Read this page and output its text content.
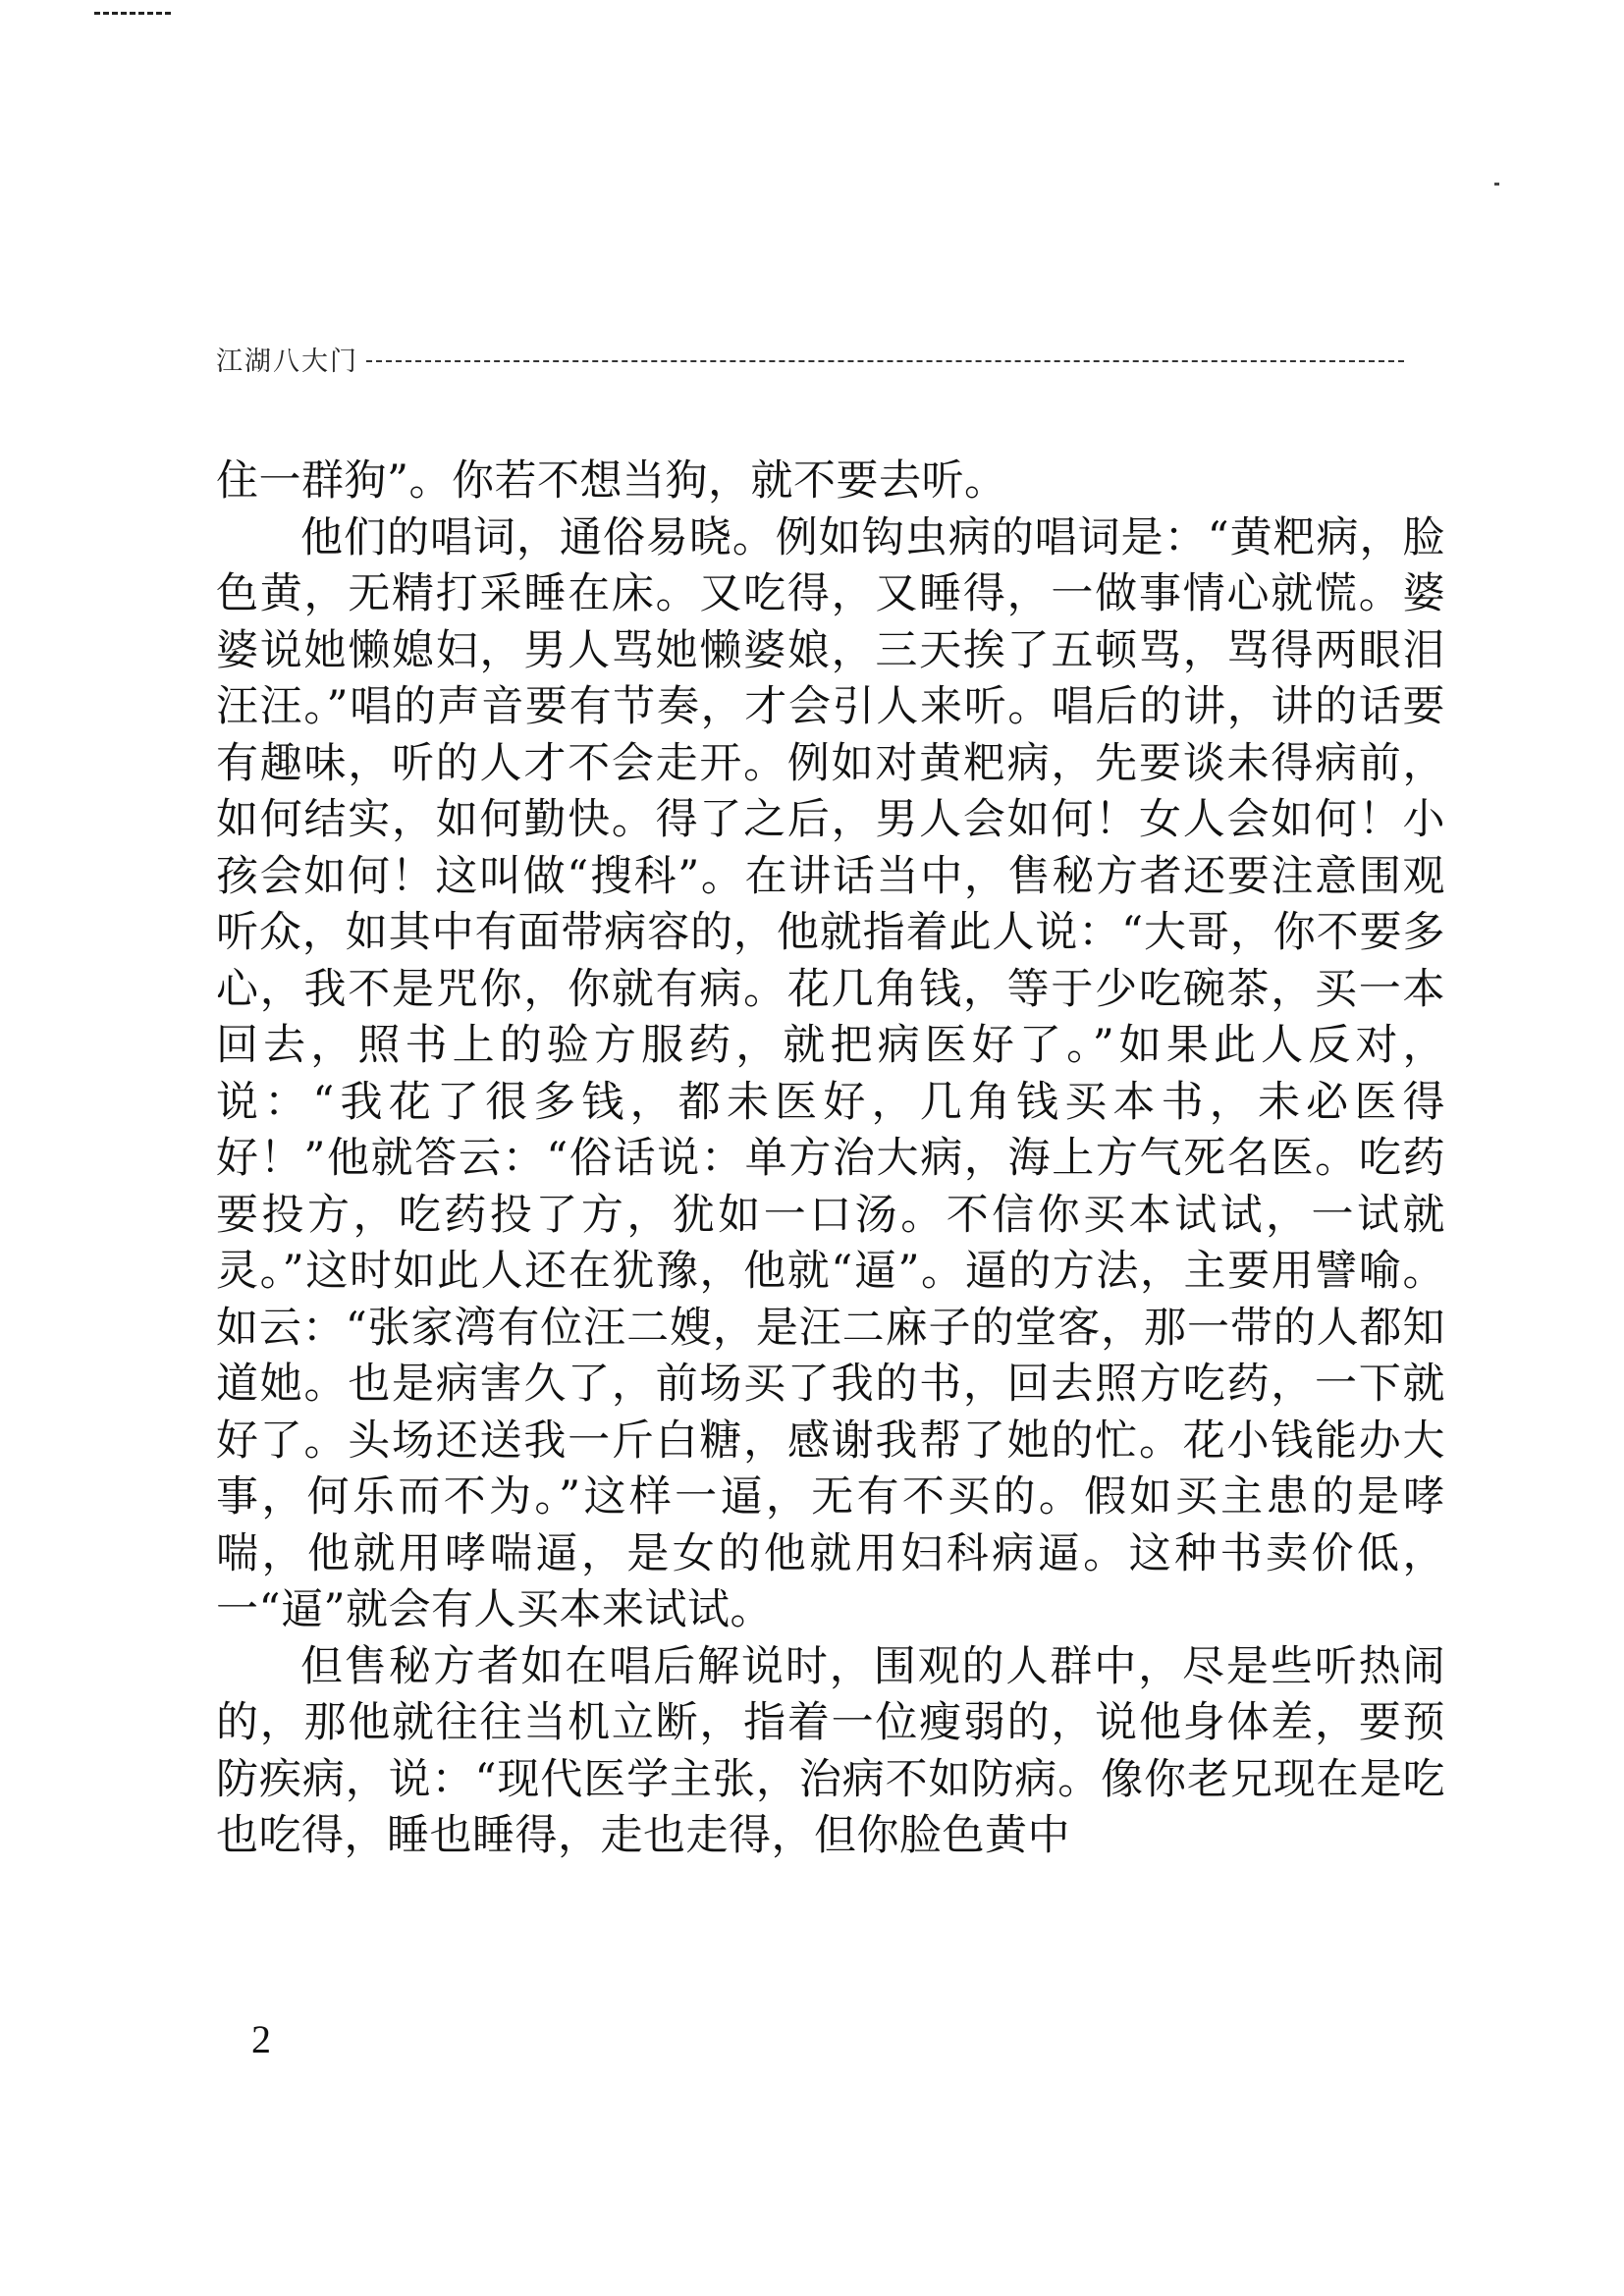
江湖八大门

住一群狗”。你若不想当狗，就不要去听。

他们的唱词，通俗易晓。例如钩虫病的唱词是：“黄粑病，脸色黄，无精打采睡在床。又吃得，又睡得，一做事情心就慌。婆婆说她懒媳妇，男人骂她懒婆娘，三天挨了五顿骂，骂得两眼泪汪汪。”唱的声音要有节奏，才会引人来听。唱后的讲，讲的话要有趣味，听的人才不会走开。例如对黄粑病，先要谈未得病前，如何结实，如何勤快。得了之后，男人会如何！女人会如何！小孩会如何！这叫做“搜科”。在讲话当中，售秘方者还要注意围观听众，如其中有面带病容的，他就指着此人说：“大哥，你不要多心，我不是咒你，你就有病。花几角钱，等于少吃碗茶，买一本回去，照书上的验方服药，就把病医好了。”如果此人反对，说：“我花了很多钱，都未医好，几角钱买本书，未必医得好！”他就答云：“俗话说：单方治大病，海上方气死名医。吃药要投方，吃药投了方，犹如一口汤。不信你买本试试，一试就灵。”这时如此人还在犹豫，他就“逼”。逼的方法，主要用譬喻。如云：“张家湾有位汪二嫂，是汪二麻子的堂客，那一带的人都知道她。也是病害久了，前场买了我的书，回去照方吃药，一下就好了。头场还送我一斤白糖，感谢我帮了她的忙。花小钱能办大事，何乐而不为。”这样一逼，无有不买的。假如买主患的是哮喘，他就用哮喘逼，是女的他就用妇科病逼。这种书卖价低，一“逼”就会有人买本来试试。

但售秘方者如在唱后解说时，围观的人群中，尽是些听热闹的，那他就往往当机立断，指着一位瘦弱的，说他身体差，要预防疾病，说：“现代医学主张，治病不如防病。像你老兄现在是吃也吃得，睡也睡得，走也走得，但你脸色黄中

2
